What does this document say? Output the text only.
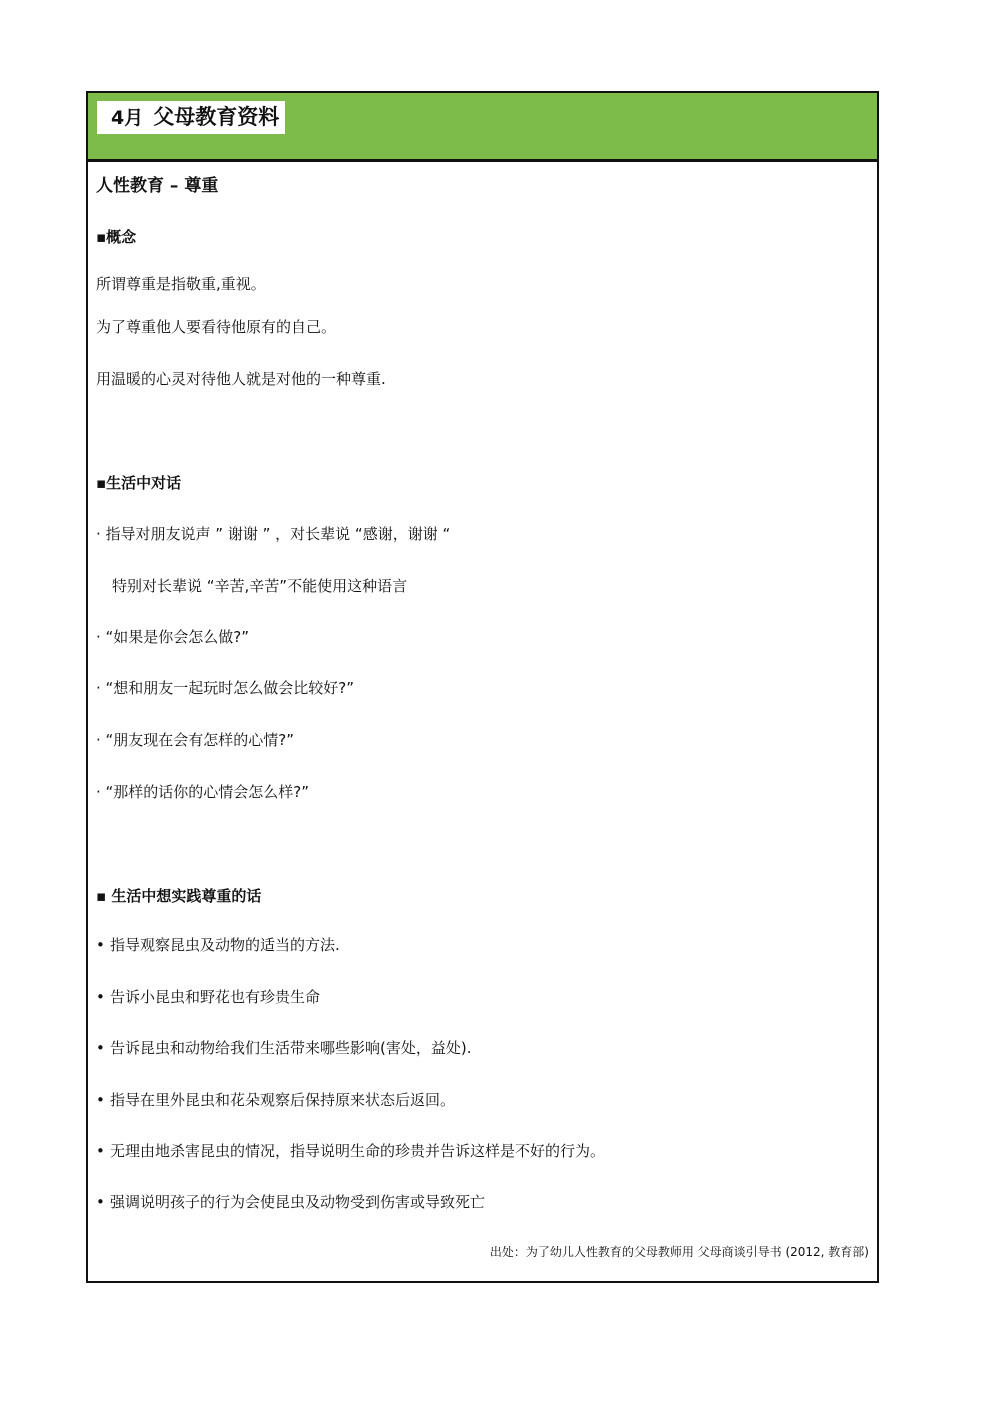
4月 父母教育资料
人性教育 – 尊重
▪概念
所谓尊重是指敬重,重视。
为了尊重他人要看待他原有的自己。
用温暖的心灵对待他人就是对他的一种尊重.
▪生活中对话
· 指导对朋友说声 ” 谢谢 ” ，对长辈说 “感谢，谢谢 “
特别对长辈说 “辛苦,辛苦”不能使用这种语言
· “如果是你会怎么做?”
· “想和朋友一起玩时怎么做会比较好?”
· “朋友现在会有怎样的心情?”
· “那样的话你的心情会怎么样?”
▪ 生活中想实践尊重的话
• 指导观察昆虫及动物的适当的方法.
• 告诉小昆虫和野花也有珍贵生命
• 告诉昆虫和动物给我们生活带来哪些影响(害处，益处).
• 指导在里外昆虫和花朵观察后保持原来状态后返回。
• 无理由地杀害昆虫的情况，指导说明生命的珍贵并告诉这样是不好的行为。
• 强调说明孩子的行为会使昆虫及动物受到伤害或导致死亡
出处：为了幼儿人性教育的父母教师用 父母商谈引导书 (2012, 教育部)
